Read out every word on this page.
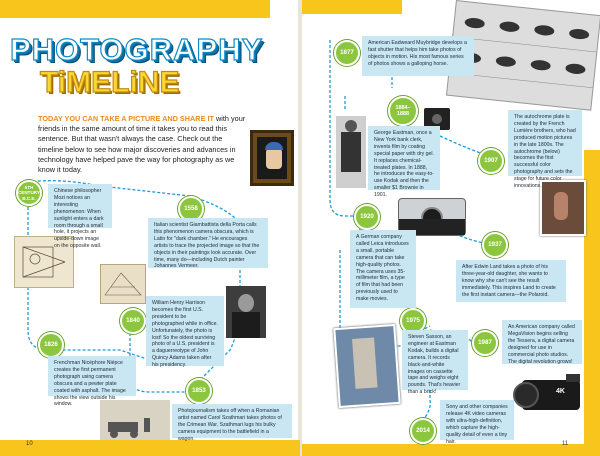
PHOTOGRAPHY
TiMELiNE
TODAY YOU CAN TAKE A PICTURE AND SHARE IT with your friends in the same amount of time it takes you to read this sentence. But that wasn't always the case. Check out the timeline below to see how major discoveries and advances in technology have helped pave the way for photography as we know it today.
4K
5TH
CENTURY
B.C.E.
1558
1826
1840
1853
1877
1884–
1888
1907
1920
1937
1975
1987
2014
Chinese philosopher Mozi notices an interesting phenomenon: When sunlight enters a dark room through a small hole, it projects an upside-down image on the opposite wall.
Italian scientist Giambattista della Porta calls this phenomenon camera obscura, which is Latin for "dark chamber." He encourages artists to trace the projected image so that the objects in their paintings look accurate. Over time, many do—including Dutch painter Johannes Vermeer.
Frenchman Nicéphore Niépce creates the first permanent photograph using camera obscura and a pewter plate coated with asphalt. The image shows the view outside his window.
William Henry Harrison becomes the first U.S. president to be photographed while in office. Unfortunately, the photo is lost! So the oldest surviving photo of a U.S. president is a daguerreotype of John Quincy Adams taken after his presidency.
Photojournalism takes off when a Romanian artist named Carol Szathmari takes photos of the Crimean War. Szathmari lugs his bulky camera equipment to the battlefield in a wagon.
American Eadweard Muybridge develops a fast shutter that helps him take photos of objects in motion. His most famous series of photos shows a galloping horse.
George Eastman, once a New York bank clerk, invents film by coating special paper with dry gel. It replaces chemical-treated plates. In 1888, he introduces the easy-to-use Kodak and then the smaller $1 Brownie in 1901.
The autochrome plate is created by the French Lumière brothers, who had produced motion pictures in the late 1800s. The autochrome (below) becomes the first successful color photography and sets the stage for future color innovations.
A German company called Leica introduces a small, portable camera that can take high-quality photos. The camera uses 35-millimeter film, a type of film that had been previously used to make movies.
After Edwin Land takes a photo of his three-year-old daughter, she wants to know why she can't see the result immediately. This inspires Land to create the first instant camera—the Polaroid.
Steven Sasson, an engineer at Eastman Kodak, builds a digital camera. It records black-and-white images on cassette tape and weighs eight pounds. That's heavier than a brick!
An American company called MegaVision begins selling the Tessera, a digital camera designed for use in commercial photo studios. The digital revolution grows!
Sony and other companies release 4K video cameras with ultra-high-definition, which capture the high-quality detail of even a tiny hair.
10	11
